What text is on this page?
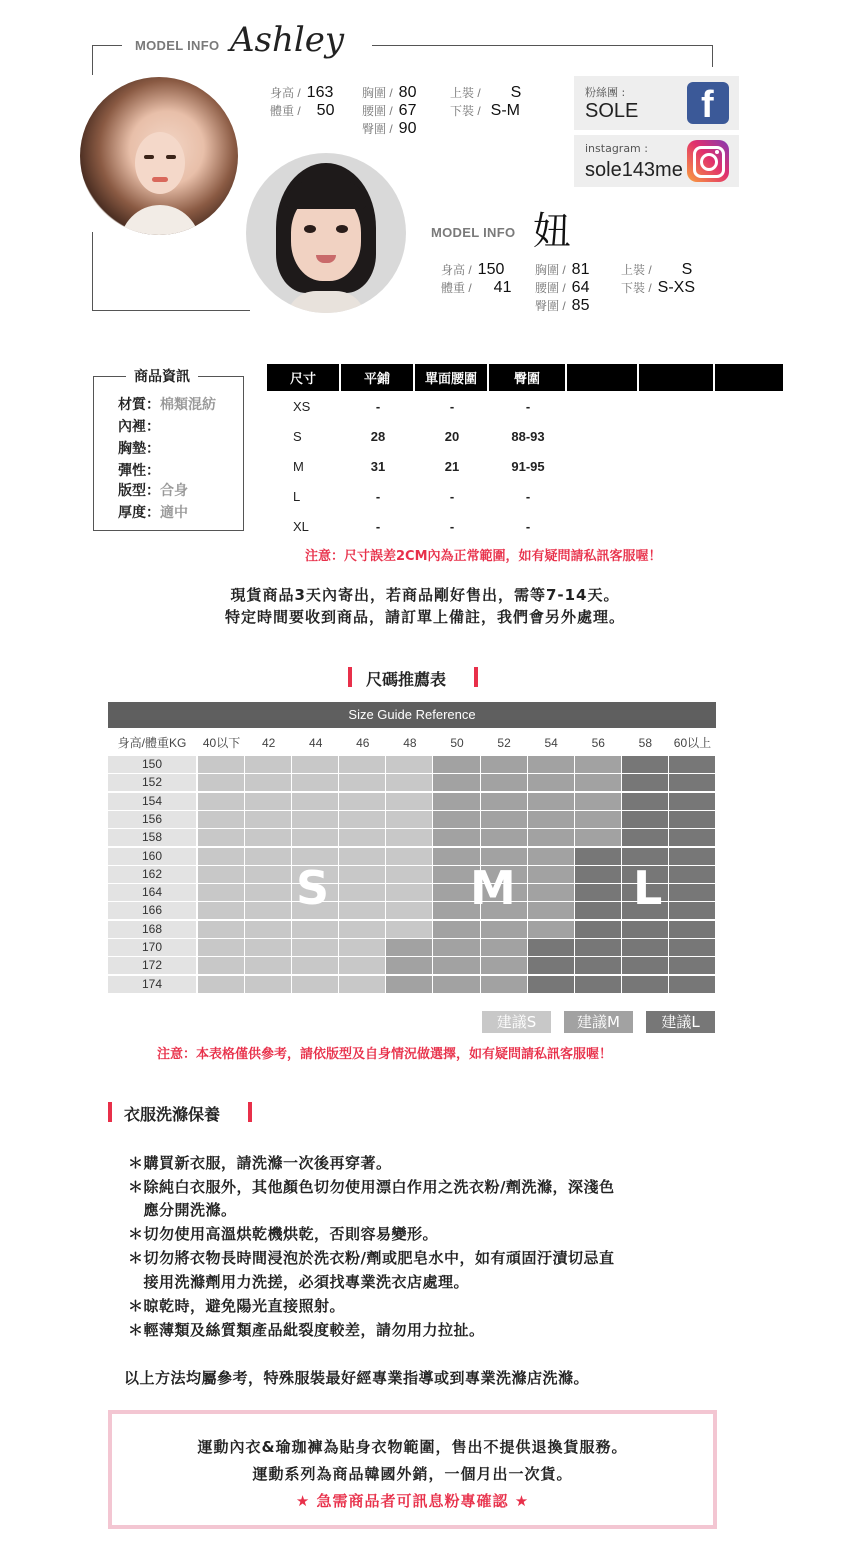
MODEL INFO Ashley
身高 / 163
體重 / 50
胸圍 / 80
腰圍 / 67
臀圍 / 90
上裝 / S
下裝 / S-M
粉絲團 :
SOLE f
instagram :
sole143me
MODEL INFO 妞
身高 / 150
體重 / 41
胸圍 / 81
腰圍 / 64
臀圍 / 85
上裝 / S
下裝 / S-XS
商品資訊
材質：棉類混紡
內裡：
胸墊：
彈性：
版型：合身
厚度：適中
尺寸	平鋪	單面腰圍	臀圍			
XS	-	-	-			
S	28	20	88-93			
M	31	21	91-95			
L	-	-	-			
XL	-	-	-			
注意：尺寸誤差2CM內為正常範圍，如有疑問請私訊客服喔！
現貨商品3天內寄出，若商品剛好售出，需等7-14天。
特定時間要收到商品，請訂單上備註，我們會另外處理。
尺碼推薦表
Size Guide Reference
身高/體重KG	40以下	42	44	46	48	50	52	54	56	58	60以上
150
152
154
156
158
160
162
164
166
168
170
172
174
S	M	L
建議S	建議M	建議L
注意：本表格僅供參考，請依版型及自身情況做選擇，如有疑問請私訊客服喔！
衣服洗滌保養
＊購買新衣服，請洗滌一次後再穿著。
＊除純白衣服外，其他顏色切勿使用漂白作用之洗衣粉/劑洗滌，深淺色
　應分開洗滌。
＊切勿使用高溫烘乾機烘乾，否則容易變形。
＊切勿將衣物長時間浸泡於洗衣粉/劑或肥皂水中，如有頑固汙漬切忌直
　接用洗滌劑用力洗搓，必須找專業洗衣店處理。
＊晾乾時，避免陽光直接照射。
＊輕薄類及絲質類產品紕裂度較差，請勿用力拉扯。
以上方法均屬參考，特殊服裝最好經專業指導或到專業洗滌店洗滌。
運動內衣&瑜珈褲為貼身衣物範圍，售出不提供退換貨服務。
運動系列為商品韓國外銷，一個月出一次貨。
★ 急需商品者可訊息粉專確認 ★
